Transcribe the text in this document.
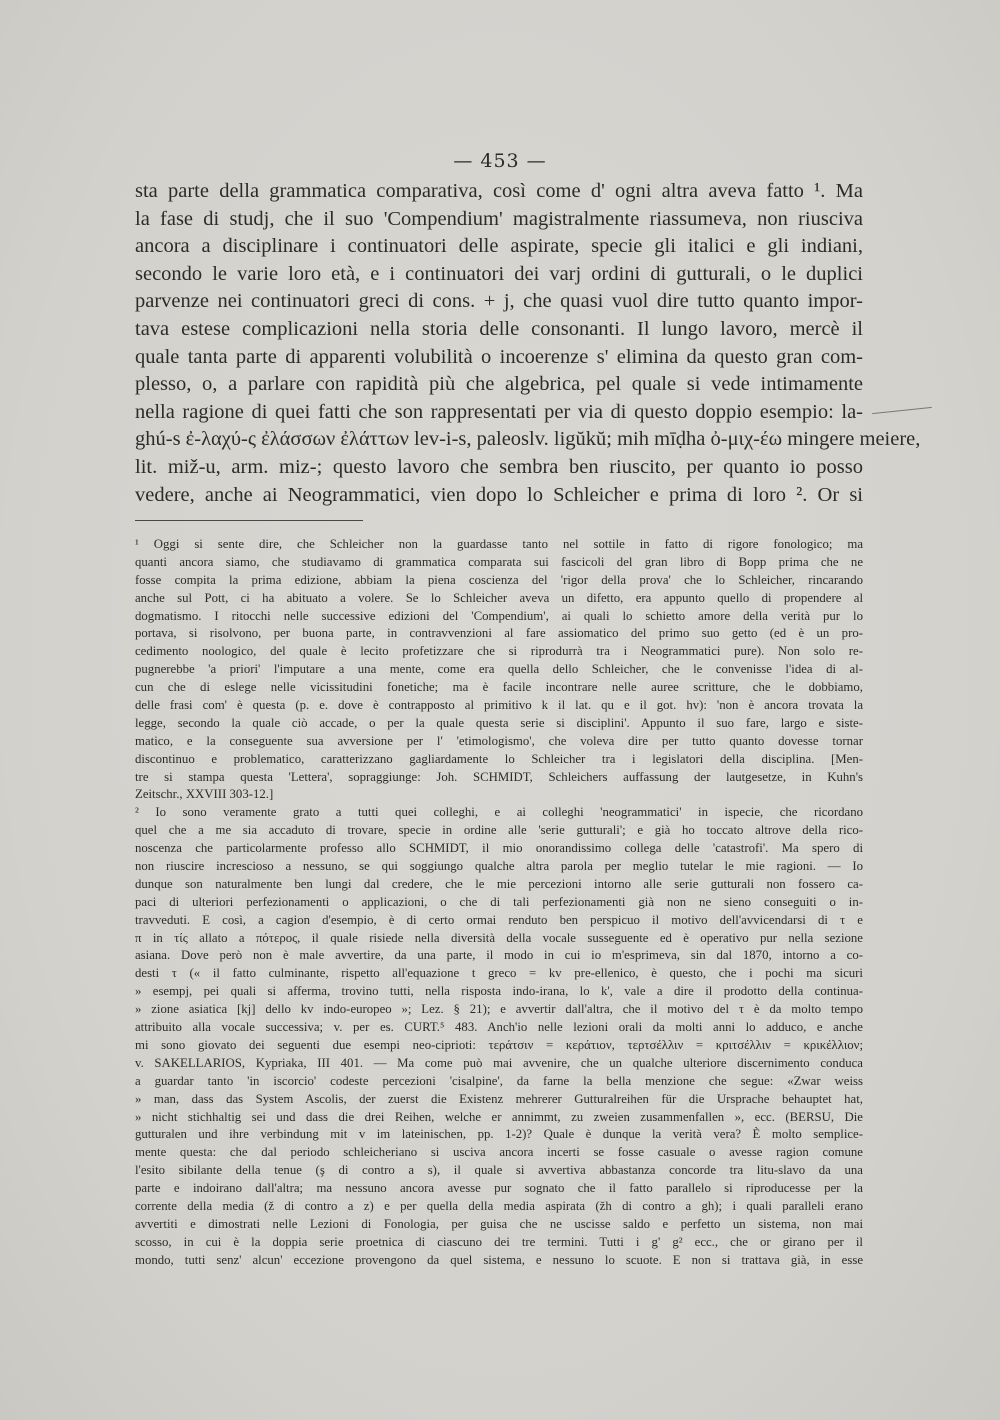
— 453 —
sta parte della grammatica comparativa, così come d' ogni altra aveva fatto ¹. Ma
la fase di studj, che il suo 'Compendium' magistralmente riassumeva, non riusciva
ancora a disciplinare i continuatori delle aspirate, specie gli italici e gli indiani,
secondo le varie loro età, e i continuatori dei varj ordini di gutturali, o le duplici
parvenze nei continuatori greci di cons. + j, che quasi vuol dire tutto quanto impor-
tava estese complicazioni nella storia delle consonanti. Il lungo lavoro, mercè il
quale tanta parte di apparenti volubilità o incoerenze s' elimina da questo gran com-
plesso, o, a parlare con rapidità più che algebrica, pel quale si vede intimamente
nella ragione di quei fatti che son rappresentati per via di questo doppio esempio: la-
ghú-s ἐ-λαχύ-ς ἐλάσσων ἐλάττων lev-i-s, paleoslv. ligŭkŭ; mih mīḍha ὀ-μιχ-έω mingere meiere,
lit. miž-u, arm. miz-; questo lavoro che sembra ben riuscito, per quanto io posso
vedere, anche ai Neogrammatici, vien dopo lo Schleicher e prima di loro ². Or si
¹ Oggi si sente dire, che Schleicher non la guardasse tanto nel sottile in fatto di rigore fonologico; ma
quanti ancora siamo, che studiavamo di grammatica comparata sui fascicoli del gran libro di Bopp prima che ne
fosse compita la prima edizione, abbiam la piena coscienza del 'rigor della prova' che lo Schleicher, rincarando
anche sul Pott, ci ha abituato a volere. Se lo Schleicher aveva un difetto, era appunto quello di propendere al
dogmatismo. I ritocchi nelle successive edizioni del 'Compendium', ai quali lo schietto amore della verità pur lo
portava, si risolvono, per buona parte, in contravvenzioni al fare assiomatico del primo suo getto (ed è un pro-
cedimento noologico, del quale è lecito profetizzare che si riprodurrà tra i Neogrammatici pure). Non solo re-
pugnerebbe 'a priori' l'imputare a una mente, come era quella dello Schleicher, che le convenisse l'idea di al-
cun che di eslege nelle vicissitudini fonetiche; ma è facile incontrare nelle auree scritture, che le dobbiamo,
delle frasi com' è questa (p. e. dove è contrapposto al primitivo k il lat. qu e il got. hv): 'non è ancora trovata la
legge, secondo la quale ciò accade, o per la quale questa serie si disciplini'. Appunto il suo fare, largo e siste-
matico, e la conseguente sua avversione per l' 'etimologismo', che voleva dire per tutto quanto dovesse tornar
discontinuo e problematico, caratterizzano gagliardamente lo Schleicher tra i legislatori della disciplina. [Men-
tre si stampa questa 'Lettera', sopraggiunge: Joh. SCHMIDT, Schleichers auffassung der lautgesetze, in Kuhn's
Zeitschr., XXVIII 303-12.]
² Io sono veramente grato a tutti quei colleghi, e ai colleghi 'neogrammatici' in ispecie, che ricordano
quel che a me sia accaduto di trovare, specie in ordine alle 'serie gutturali'; e già ho toccato altrove della rico-
noscenza che particolarmente professo allo SCHMIDT, il mio onorandissimo collega delle 'catastrofi'. Ma spero di
non riuscire increscioso a nessuno, se qui soggiungo qualche altra parola per meglio tutelar le mie ragioni. — Io
dunque son naturalmente ben lungi dal credere, che le mie percezioni intorno alle serie gutturali non fossero ca-
paci di ulteriori perfezionamenti o applicazioni, o che di tali perfezionamenti già non ne sieno conseguiti o in-
travveduti. E così, a cagion d'esempio, è di certo ormai renduto ben perspicuo il motivo dell'avvicendarsi di τ e
π in τίς allato a πότερος, il quale risiede nella diversità della vocale susseguente ed è operativo pur nella sezione
asiana. Dove però non è male avvertire, da una parte, il modo in cui io m'esprimeva, sin dal 1870, intorno a co-
desti τ (« il fatto culminante, rispetto all'equazione t greco = kv pre-ellenico, è questo, che i pochi ma sicuri
» esempj, pei quali si afferma, trovino tutti, nella risposta indo-irana, lo k', vale a dire il prodotto della continua-
» zione asiatica [kj] dello kv indo-europeo »; Lez. § 21); e avvertir dall'altra, che il motivo del τ è da molto tempo
attribuito alla vocale successiva; v. per es. CURT.⁵ 483. Anch'io nelle lezioni orali da molti anni lo adduco, e anche
mi sono giovato dei seguenti due esempi neo-ciprioti: τεράτσιν = κεράτιον, τερτσέλλιν = κριτσέλλιν = κρικέλλιον;
v. SAKELLARIOS, Kypriaka, III 401. — Ma come può mai avvenire, che un qualche ulteriore discernimento conduca
a guardar tanto 'in iscorcio' codeste percezioni 'cisalpine', da farne la bella menzione che segue: «Zwar weiss
» man, dass das System Ascolis, der zuerst die Existenz mehrerer Gutturalreihen für die Ursprache behauptet hat,
» nicht stichhaltig sei und dass die drei Reihen, welche er annimmt, zu zweien zusammenfallen », ecc. (BERSU, Die
gutturalen und ihre verbindung mit v im lateinischen, pp. 1-2)? Quale è dunque la verità vera? È molto semplice-
mente questa: che dal periodo schleicheriano si usciva ancora incerti se fosse casuale o avesse ragion comune
l'esito sibilante della tenue (ş di contro a s), il quale si avvertiva abbastanza concorde tra litu-slavo da una
parte e indoirano dall'altra; ma nessuno ancora avesse pur sognato che il fatto parallelo si riproducesse per la
corrente della media (ž di contro a z) e per quella della media aspirata (žh di contro a gh); i quali paralleli erano
avvertiti e dimostrati nelle Lezioni di Fonologia, per guisa che ne uscisse saldo e perfetto un sistema, non mai
scosso, in cui è la doppia serie proetnica di ciascuno dei tre termini. Tutti i g' g² ecc., che or girano per il
mondo, tutti senz' alcun' eccezione provengono da quel sistema, e nessuno lo scuote. E non si trattava già, in esse
